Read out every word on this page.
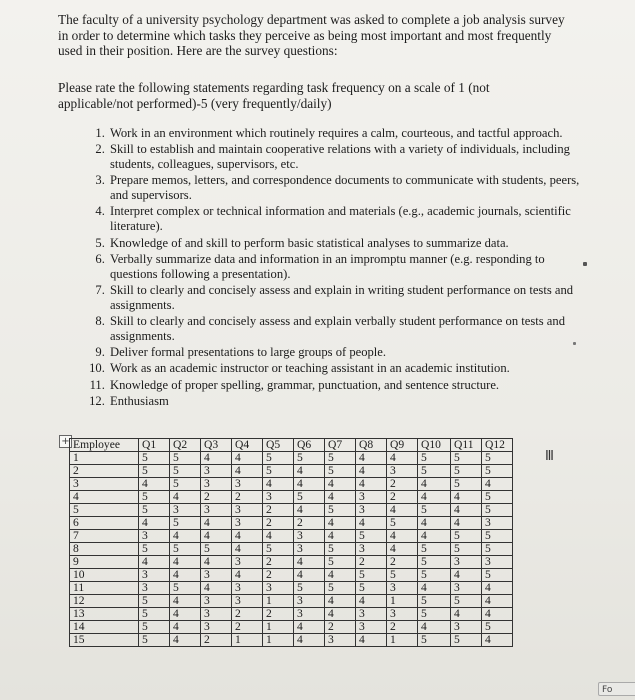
The faculty of a university psychology department was asked to complete a job analysis survey in order to determine which tasks they perceive as being most important and most frequently used in their position. Here are the survey questions:
Please rate the following statements regarding task frequency on a scale of 1 (not applicable/not performed)-5 (very frequently/daily)
1. Work in an environment which routinely requires a calm, courteous, and tactful approach.
2. Skill to establish and maintain cooperative relations with a variety of individuals, including students, colleagues, supervisors, etc.
3. Prepare memos, letters, and correspondence documents to communicate with students, peers, and supervisors.
4. Interpret complex or technical information and materials (e.g., academic journals, scientific literature).
5. Knowledge of and skill to perform basic statistical analyses to summarize data.
6. Verbally summarize data and information in an impromptu manner (e.g. responding to questions following a presentation).
7. Skill to clearly and concisely assess and explain in writing student performance on tests and assignments.
8. Skill to clearly and concisely assess and explain verbally student performance on tests and assignments.
9. Deliver formal presentations to large groups of people.
10. Work as an academic instructor or teaching assistant in an academic institution.
11. Knowledge of proper spelling, grammar, punctuation, and sentence structure.
12. Enthusiasm
+ Employee	Q1	Q2	Q3	Q4	Q5	Q6	Q7	Q8	Q9	Q10	Q11	Q12
1	5	5	4	4	5	5	5	4	4	5	5	5
2	5	5	3	4	5	4	5	4	3	5	5	5
3	4	5	3	3	4	4	4	4	2	4	5	4
4	5	4	2	2	3	5	4	3	2	4	4	5
5	5	3	3	3	2	4	5	3	4	5	4	5
6	4	5	4	3	2	2	4	4	5	4	4	3
7	3	4	4	4	4	3	4	5	4	4	5	5
8	5	5	5	4	5	3	5	3	4	5	5	5
9	4	4	4	3	2	4	5	2	2	5	3	3
10	3	4	3	4	2	4	4	5	5	5	4	5
11	3	5	4	3	3	5	5	5	3	4	3	4
12	5	4	3	3	1	3	4	4	1	5	5	4
13	5	4	3	2	2	3	4	3	3	5	4	4
14	5	4	3	2	1	4	2	3	2	4	3	5
15	5	4	2	1	1	4	3	4	1	5	5	4
Ⅲ
Fo
